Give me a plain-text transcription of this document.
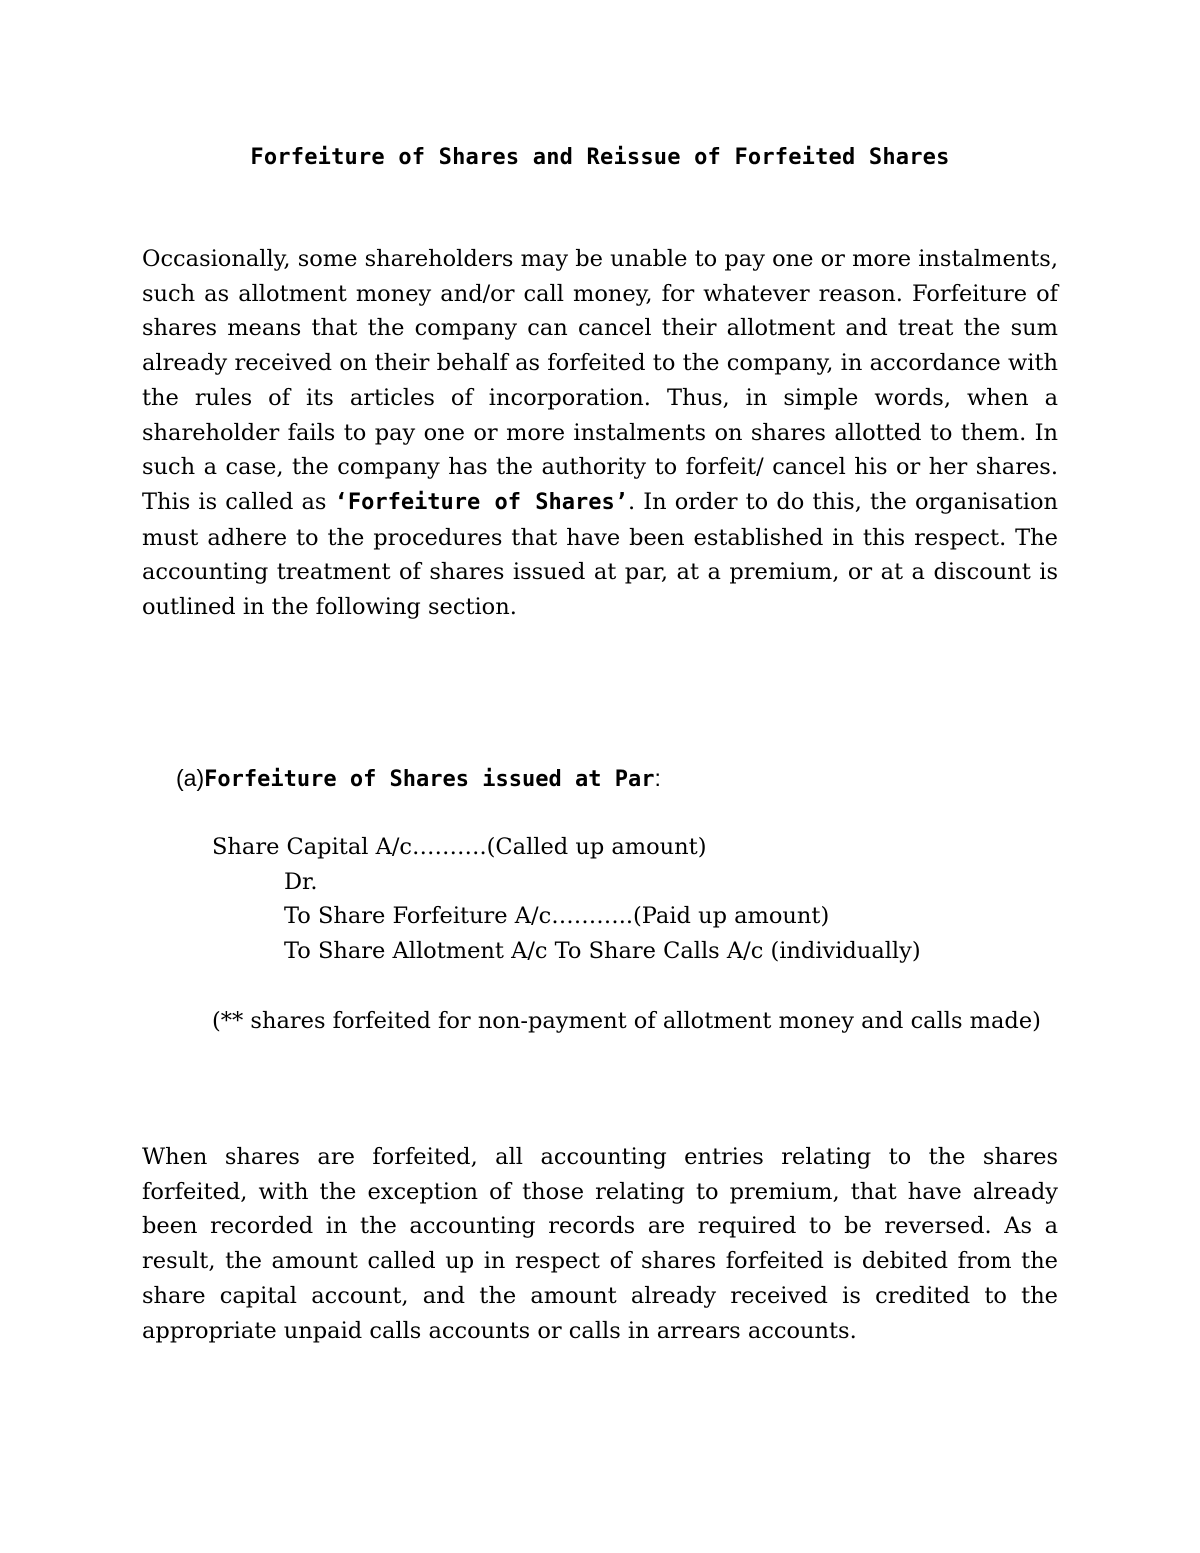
Forfeiture of Shares and Reissue of Forfeited Shares

Occasionally, some shareholders may be unable to pay one or more instalments, such as allotment money and/or call money, for whatever reason. Forfeiture of shares means that the company can cancel their allotment and treat the sum already received on their behalf as forfeited to the company, in accordance with the rules of its articles of incorporation. Thus, in simple words, when a shareholder fails to pay one or more instalments on shares allotted to them. In such a case, the company has the authority to forfeit/ cancel his or her shares. This is called as ‘Forfeiture of Shares’. In order to do this, the organisation must adhere to the procedures that have been established in this respect. The accounting treatment of shares issued at par, at a premium, or at a discount is outlined in the following section.

(a)Forfeiture of Shares issued at Par:
Share Capital A/c……….(Called up amount)
Dr.
To Share Forfeiture A/c………..(Paid up amount)
To Share Allotment A/c To Share Calls A/c (individually)

(** shares forfeited for non-payment of allotment money and calls made)

When shares are forfeited, all accounting entries relating to the shares forfeited, with the exception of those relating to premium, that have already been recorded in the accounting records are required to be reversed. As a result, the amount called up in respect of shares forfeited is debited from the share capital account, and the amount already received is credited to the appropriate unpaid calls accounts or calls in arrears accounts.
